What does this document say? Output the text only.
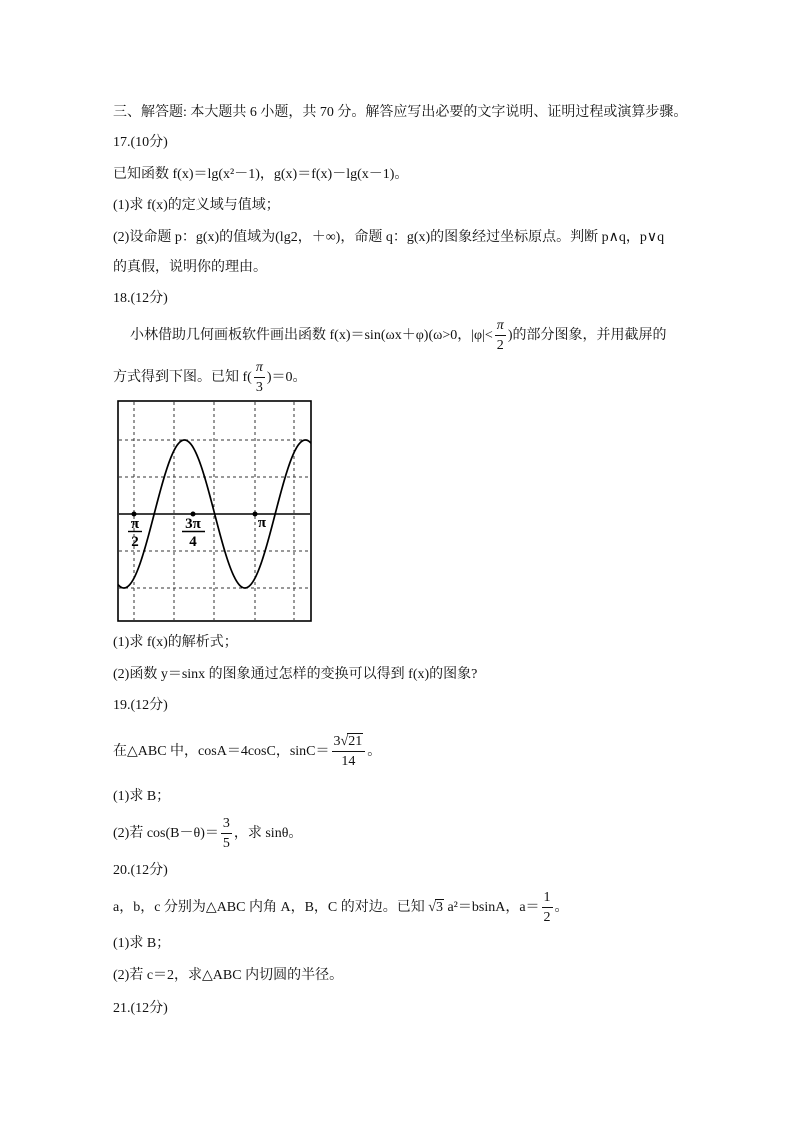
三、解答题: 本大题共 6 小题，共 70 分。解答应写出必要的文字说明、证明过程或演算步骤。
17.(10分)
已知函数 f(x)＝lg(x²－1)，g(x)＝f(x)－lg(x－1)。
(1)求 f(x)的定义域与值域；
(2)设命题 p：g(x)的值域为(lg2，＋∞)，命题 q：g(x)的图象经过坐标原点。判断 p∧q，p∨q
的真假，说明你的理由。
18.(12分)
小林借助几何画板软件画出函数 f(x)＝sin(ωx＋φ)(ω>0，$|\varphi|< \frac{\pi}{2}$ )的部分图象，并用截屏的
方式得到下图。已知 $f( \frac{\pi}{3} )=0$。
π
2
3π
4
π
(1)求 f(x)的解析式；
(2)函数 y＝sinx 的图象通过怎样的变换可以得到 f(x)的图象?
19.(12分)
在△ABC 中，cosA＝4cosC，$\sin C= \frac{3√21}{14}$ 。
(1)求 B；
(2)若 $\cos(B-\theta)= \frac{3}{5}$ ，求 sinθ。
20.(12分)
a，b，c 分别为△ABC 内角 A，B，C 的对边。已知 √3 a²＝bsinA，$a= \frac{1}{2}$ 。
(1)求 B；
(2)若 c＝2，求△ABC 内切圆的半径。
21.(12分)
